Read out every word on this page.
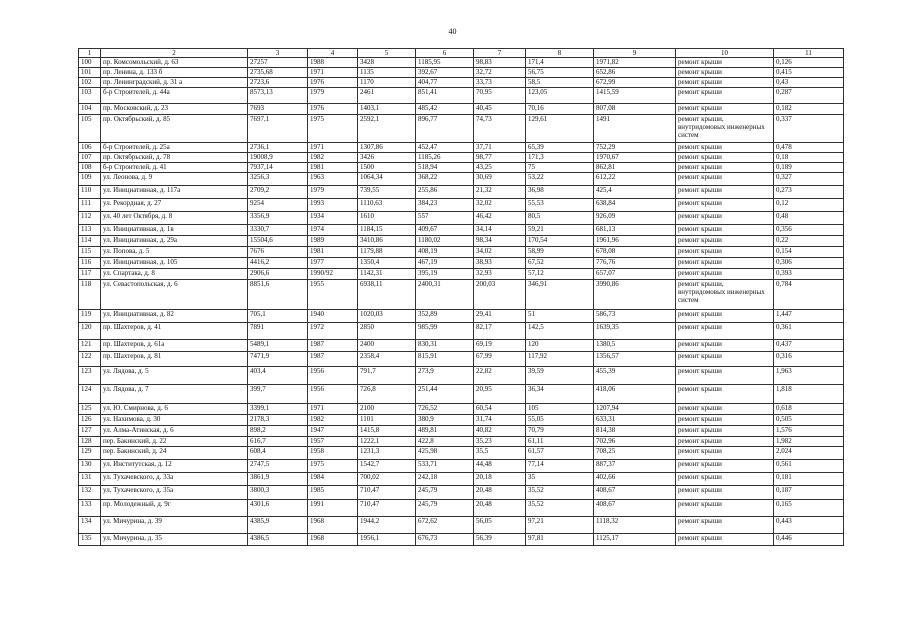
40
1	2	3	4	5	6	7	8	9	10	11
100	пр. Комсомольский, д. 63	27257	1988	3428	1185,95	98,83	171,4	1971,82	ремонт крыши	0,126
101	пр. Ленина, д. 133 б	2735,68	1971	1135	392,67	32,72	56,75	652,86	ремонт крыши	0,415
102	пр. Ленинградский, д. 31 а	2723,6	1976	1170	404,77	33,73	58,5	672,99	ремонт крыши	0,43
103	б-р Строителей, д. 44а	8573,13	1979	2461	851,41	70,95	123,05	1415,59	ремонт крыши	0,287
104	пр. Московский, д. 23	7693	1976	1403,1	485,42	40,45	70,16	807,08	ремонт крыши	0,182
105	пр. Октябрьский, д. 85	7697,1	1975	2592,1	896,77	74,73	129,61	1491	ремонт крыши, внутридомовых инженерных систем	0,337
106	б-р Строителей, д. 25а	2736,1	1971	1307,86	452,47	37,71	65,39	752,29	ремонт крыши	0,478
107	пр. Октябрьский, д. 78	19008,9	1982	3426	1185,26	98,77	171,3	1970,67	ремонт крыши	0,18
108	б-р Строителей, д. 41	7937,14	1981	1500	518,94	43,25	75	862,81	ремонт крыши	0,189
109	ул. Леонова, д. 9	3256,3	1963	1064,34	368,22	30,69	53,22	612,22	ремонт крыши	0,327
110	ул. Инициативная, д. 117а	2709,2	1979	739,55	255,86	21,32	36,98	425,4	ремонт крыши	0,273
111	ул. Рекордная, д. 27	9254	1993	1110,63	384,23	32,02	55,53	638,84	ремонт крыши	0,12
112	ул. 40 лет Октября, д. 8	3356,9	1934	1610	557	46,42	80,5	926,09	ремонт крыши	0,48
113	ул. Инициативная, д. 1в	3330,7	1974	1184,15	409,67	34,14	59,21	681,13	ремонт крыши	0,356
114	ул. Инициативная, д. 29а	15504,6	1989	3410,86	1180,02	98,34	170,54	1961,96	ремонт крыши	0,22
115	ул. Попова, д. 5	7676	1981	1179,88	408,19	34,02	58,99	678,08	ремонт крыши	0,154
116	ул. Инициативная, д. 105	4416,2	1977	1350,4	467,19	38,93	67,52	776,76	ремонт крыши	0,306
117	ул. Спартака, д. 8	2906,6	1990/92	1142,31	395,19	32,93	57,12	657,07	ремонт крыши	0,393
118	ул. Севастопольская, д. 6	8851,6	1955	6938,11	2400,31	200,03	346,91	3990,86	ремонт крыши, внутридомовых инженерных систем	0,784
119	ул. Инициативная, д. 82	705,1	1940	1020,03	352,89	29,41	51	586,73	ремонт крыши	1,447
120	пр. Шахтеров, д. 41	7891	1972	2850	985,99	82,17	142,5	1639,35	ремонт крыши	0,361
121	пр. Шахтеров, д. 61а	5489,1	1987	2400	830,31	69,19	120	1380,5	ремонт крыши	0,437
122	пр. Шахтеров, д. 81	7471,9	1987	2358,4	815,91	67,99	117,92	1356,57	ремонт крыши	0,316
123	ул. Лядова, д. 5	403,4	1956	791,7	273,9	22,82	39,59	455,39	ремонт крыши	1,963
124	ул. Лядова, д. 7	399,7	1956	726,8	251,44	20,95	36,34	418,06	ремонт крыши	1,818
125	ул. Ю. Смирнова, д. 6	3399,1	1971	2100	726,52	60,54	105	1207,94	ремонт крыши	0,618
126	ул. Нахимова, д. 30	2178,3	1982	1101	380,9	31,74	55,05	633,31	ремонт крыши	0,505
127	ул. Алма-Атинская, д. 6	898,2	1947	1415,8	489,81	40,82	70,79	814,38	ремонт крыши	1,576
128	пер. Бакинский, д. 22	616,7	1957	1222,1	422,8	35,23	61,11	702,96	ремонт крыши	1,982
129	пер. Бакинский, д. 24	608,4	1958	1231,3	425,98	35,5	61,57	708,25	ремонт крыши	2,024
130	ул. Институтская, д. 12	2747,5	1975	1542,7	533,71	44,48	77,14	887,37	ремонт крыши	0,561
131	ул. Тухачевского, д. 33а	3861,9	1984	700,02	242,18	20,18	35	402,66	ремонт крыши	0,181
132	ул. Тухачевского, д. 35а	3800,3	1985	710,47	245,79	20,48	35,52	408,67	ремонт крыши	0,187
133	пр. Молодежный, д. 9г	4301,6	1991	710,47	245,79	20,48	35,52	408,67	ремонт крыши	0,165
134	ул. Мичурина, д. 39	4385,9	1968	1944,2	672,62	56,05	97,21	1118,32	ремонт крыши	0,443
135	ул. Мичурина, д. 35	4386,5	1968	1956,1	676,73	56,39	97,81	1125,17	ремонт крыши	0,446
